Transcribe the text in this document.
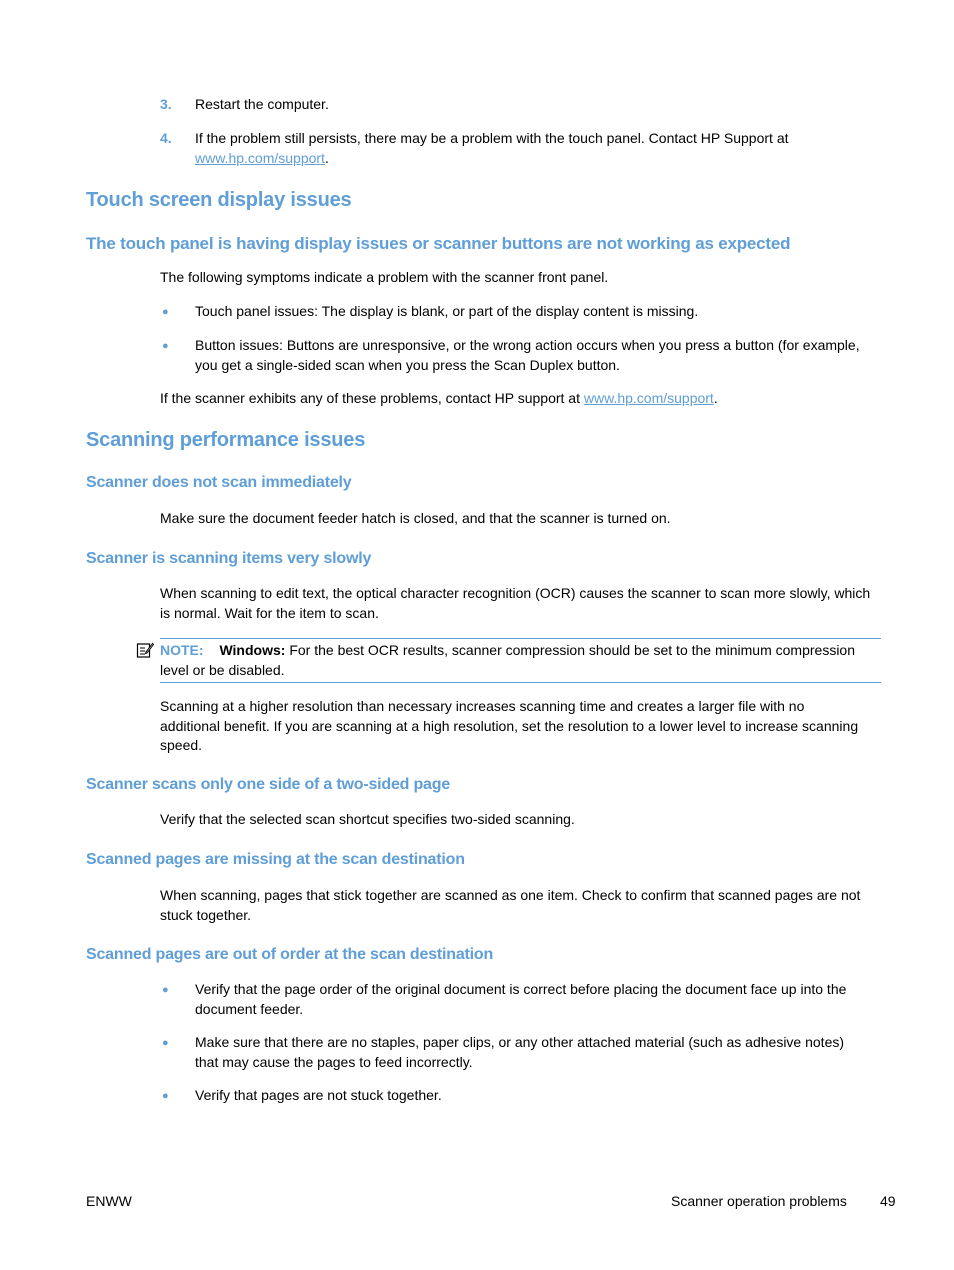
3. Restart the computer.
4. If the problem still persists, there may be a problem with the touch panel. Contact HP Support at www.hp.com/support.
Touch screen display issues
The touch panel is having display issues or scanner buttons are not working as expected
The following symptoms indicate a problem with the scanner front panel.
● Touch panel issues: The display is blank, or part of the display content is missing.
● Button issues: Buttons are unresponsive, or the wrong action occurs when you press a button (for example, you get a single-sided scan when you press the Scan Duplex button.
If the scanner exhibits any of these problems, contact HP support at www.hp.com/support.
Scanning performance issues
Scanner does not scan immediately
Make sure the document feeder hatch is closed, and that the scanner is turned on.
Scanner is scanning items very slowly
When scanning to edit text, the optical character recognition (OCR) causes the scanner to scan more slowly, which is normal. Wait for the item to scan.
NOTE: Windows: For the best OCR results, scanner compression should be set to the minimum compression level or be disabled.
Scanning at a higher resolution than necessary increases scanning time and creates a larger file with no additional benefit. If you are scanning at a high resolution, set the resolution to a lower level to increase scanning speed.
Scanner scans only one side of a two-sided page
Verify that the selected scan shortcut specifies two-sided scanning.
Scanned pages are missing at the scan destination
When scanning, pages that stick together are scanned as one item. Check to confirm that scanned pages are not stuck together.
Scanned pages are out of order at the scan destination
● Verify that the page order of the original document is correct before placing the document face up into the document feeder.
● Make sure that there are no staples, paper clips, or any other attached material (such as adhesive notes) that may cause the pages to feed incorrectly.
● Verify that pages are not stuck together.
ENWW	Scanner operation problems 49
